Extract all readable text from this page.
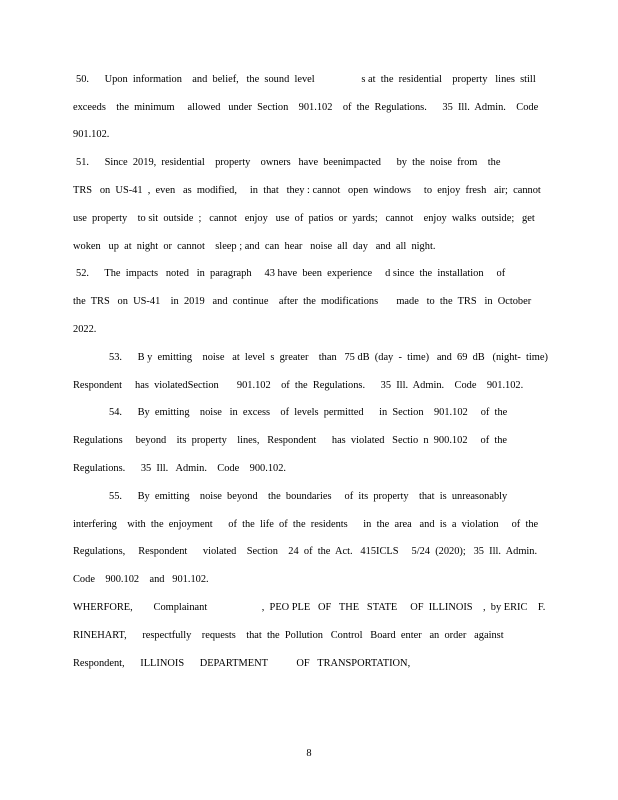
50.      Upon  information    and  belief,   the  sound  level                  s at  the  residential    property   lines  still
exceeds    the  minimum     allowed   under  Section    901.102    of  the  Regulations.      35  Ill.  Admin.    Code
901.102.
51.      Since  2019,  residential    property    owners   have  beenimpacted      by  the  noise  from    the
TRS   on  US-41  ,  even   as  modified,     in  that   they : cannot   open  windows     to  enjoy  fresh   air;  cannot
use  property    to sit  outside  ;   cannot   enjoy   use  of  patios  or  yards;   cannot    enjoy  walks  outside;   get
woken   up  at  night  or  cannot    sleep ; and  can  hear   noise  all  day   and  all  night.
52.      The  impacts   noted   in  paragraph     43 have  been  experience     d since  the  installation     of
the  TRS   on  US-41    in  2019   and  continue    after  the  modifications       made   to  the  TRS   in  October
2022.
53.      B y  emitting    noise   at  level  s  greater    than   75 dB  (day  -  time)   and  69  dB   (night-  time)
Respondent     has  violatedSection       901.102    of  the  Regulations.      35  Ill.  Admin.    Code    901.102.
54.      By  emitting    noise   in  excess    of  levels  permitted      in  Section    901.102     of  the
Regulations     beyond    its  property    lines,   Respondent      has  violated   Sectio  n  900.102     of  the
Regulations.      35  Ill.   Admin.    Code    900.102.
55.      By  emitting    noise  beyond    the  boundaries     of  its  property    that  is  unreasonably
interfering    with  the  enjoyment      of  the  life  of  the  residents      in  the  area   and  is  a  violation     of  the
Regulations,     Respondent      violated    Section    24  of  the  Act.   415ICLS     5/24  (2020);   35  Ill.  Admin.
Code    900.102    and   901.102.
WHERFORE,        Complainant                     ,  PEO PLE   OF   THE   STATE     OF  ILLINOIS    ,  by ERIC    F.
RINEHART,      respectfully    requests    that  the  Pollution   Control   Board  enter   an  order   against
Respondent,      ILLINOIS      DEPARTMENT           OF   TRANSPORTATION,
8
